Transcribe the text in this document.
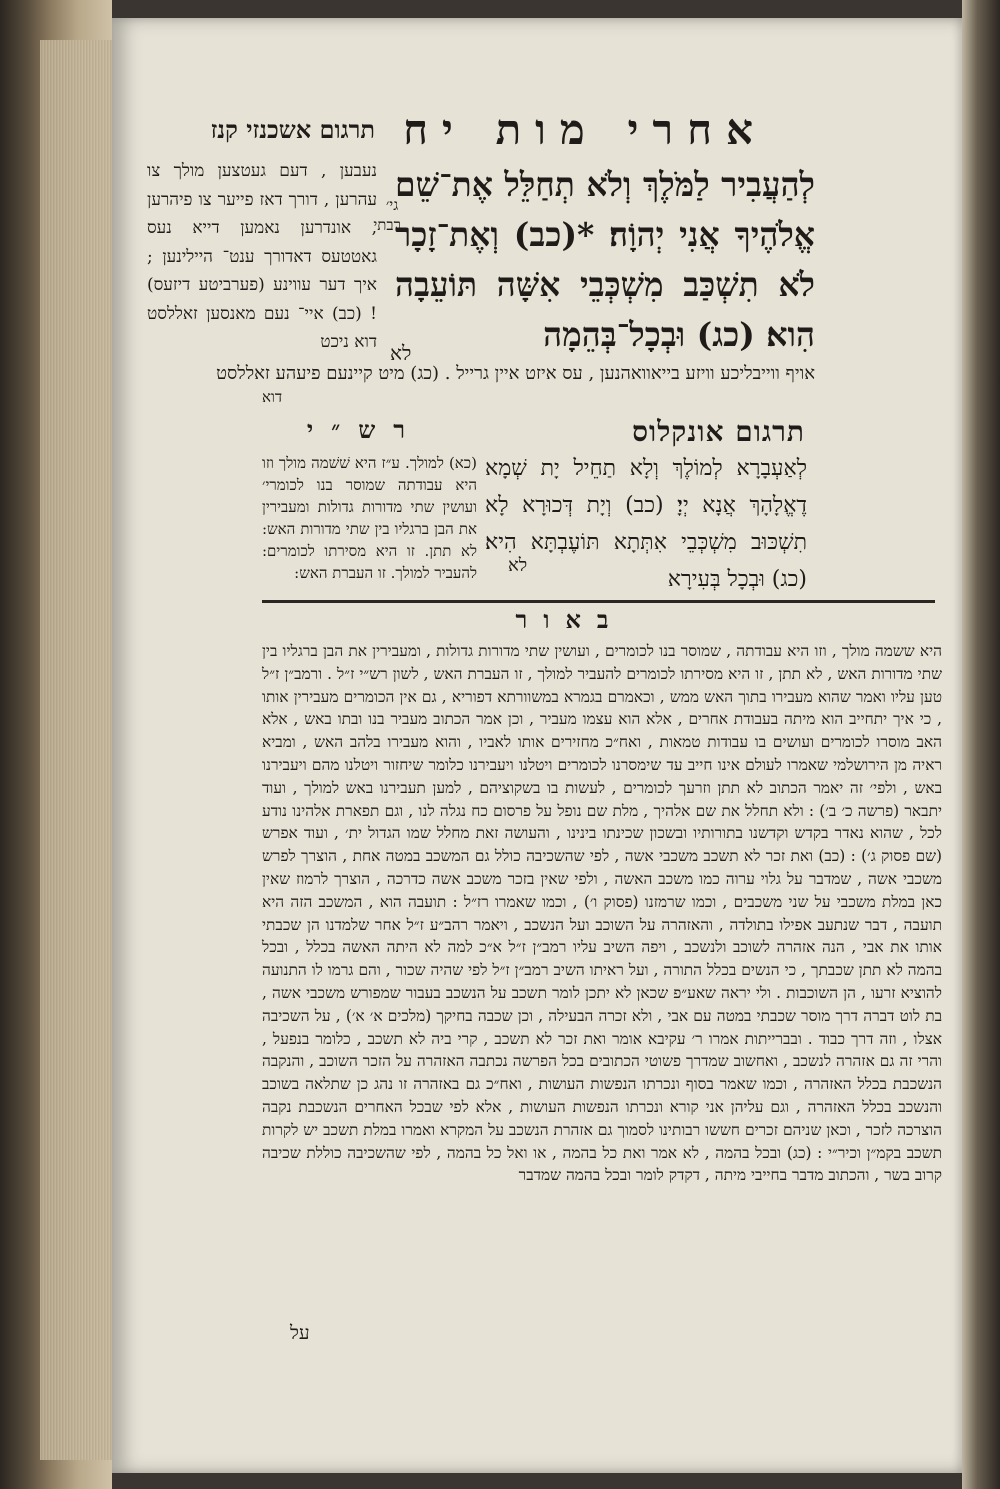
אחרי מות יח
תרגום אשכנזי קנז
לְהַעֲבִיר לַמֹּלֶךְ וְלֹא תְחַלֵּל אֶת־שֵׁם אֱלֹהֶיךָ אֲנִי יְהוָֹה׃ *(כב) וְאֶת־זָכָר לֹא תִשְׁכַּב מִשְׁכְּבֵי אִשָּׁה תּוֹעֵבָה הִוא׃ (כג) וּבְכָל־בְּהֵמָה
גי׳ רבתי
לא
נעבען , דעם געטצען מולך צו עהרען , דורך דאז פייער צו פיהרען , אונדרען נאמען דייא נעס גאטטעס דאדורך ענט־ היילינען ; איך דער עווינע (פערביטע דיזעס) ! (כב) איי־ נעם מאנסען זאללסט דוא ניכט
אויף ווייבליכע וויזע בייאוואהנען , עס איזט איין גרייל . (כג) מיט קיינעם פיעהע זאללסט
דוא
תרגום אונקלוס
לְאַעְבָרָא לְמוֹלֶךְ וְלָא תַחֵיל יָת שְׁמָא דֶאֱלָהָךְ אֲנָא יְיָ׃ (כב) וְיָת דְּכוּרָא לָא תִשְׁכּוּב מִשְׁכְּבֵי אִתְּתָא תּוֹעֶבְתָּא הִיא׃ (כג) וּבְכָל בְּעִירָא
לא
רש״י
(כא) למולך. ע״ז היא שׁשׁמה מולך וזו היא עבודתה שמוסר בנו לכומרי׳ ועושין שתי מדורות גדולות ומעבירין את הבן ברגליו בין שתי מדורות האש: לא תתן. זו היא מסירתו לכומרים: להעביר למולך. זו העברת האש:
באור
היא ששמה מולך , וזו היא עבודתה , שמוסר בנו לכומרים , ועושין שתי מדורות גדולות , ומעבירין את הבן ברגליו בין שתי מדורות האש , לא תתן , זו היא מסירתו לכומרים להעביר למולך , זו העברת האש , לשון רש״י ז״ל . ורמב״ן ז״ל טען עליו ואמר שהוא מעבירו בתוך האש ממש , וכאמרם בגמרא במשוורתא דפוריא , גם אין הכומרים מעבירין אותו , כי איך יתחייב הוא מיתה בעבודת אחרים , אלא הוא עצמו מעביר , וכן אמר הכתוב מעביר בנו ובתו באש , אלא האב מוסרו לכומרים ועושים בו עבודות טמאות , ואח״כ מחזירים אותו לאביו , והוא מעבירו בלהב האש , ומביא ראיה מן הירושלמי שאמרו לעולם אינו חייב עד שימסרנו לכומרים ויטלנו ויעבירנו כלומר שיחזור ויטלנו מהם ויעבירנו באש , ולפי׳ זה יאמר הכתוב לא תתן וזרעך לכומרים , לעשות בו בשקוציהם , למען תעבירנו באש למולך , ועוד יתבאר (פרשה כ׳ ב׳) : ולא תחלל את שם אלהיך , מלת שם נופל על פרסום כח נגלה לנו , וגם תפארת אלהינו נודע לכל , שהוא נאדר בקדש וקדשנו בתורותיו ובשכון שכינתו בינינו , והעושה זאת מחלל שמו הגדול ית׳ , ועוד אפרש (שם פסוק ג׳) : (כב) ואת זכר לא תשכב משכבי אשה , לפי שהשכיבה כולל גם המשכב במטה אחת , הוצרך לפרש משכבי אשה , שמדבר על גלוי ערוה כמו משכב האשה , ולפי שאין בזכר משכב אשה כדרכה , הוצרך לרמוז שאין כאן במלת משכבי על שני משכבים , וכמו שרמזנו (פסוק ו׳) , וכמו שאמרו רז״ל : תועבה הוא , המשכב הזה היא תועבה , דבר שנתעב אפילו בתולדה , והאזהרה על השוכב ועל הנשכב , ויאמר רהב״ע ז״ל אחר שלמדנו הן שכבתי אותו את אבי , הנה אזהרה לשוכב ולנשכב , ויפה השיב עליו רמב״ן ז״ל א״כ למה לא היתה האשה בכלל , ובכל בהמה לא תתן שכבתך , כי הנשים בכלל התורה , ועל ראיתו השיב רמב״ן ז״ל לפי שהיה שכור , והם גרמו לו התנועה להוציא זרעו , הן השוכבות . ולי יראה שאע״פ שכאן לא יתכן לומר תשכב על הנשכב בעבור שמפורש משכבי אשה , בת לוט דברה דרך מוסר שכבתי במטה עם אבי , ולא זכרה הבעילה , וכן שכבה בחיקך (מלכים א׳ א׳) , על השכיבה אצלו , וזה דרך כבוד . ובברייתות אמרו ר׳ עקיבא אומר ואת זכר לא תשכב , קרי ביה לא תשכב , כלומר בנפעל , והרי זה גם אזהרה לנשכב , ואחשוב שמדרך פשוטי הכתובים בכל הפרשה נכתבה האזהרה על הזכר השוכב , והנקבה הנשכבת בכלל האזהרה , וכמו שאמר בסוף ונכרתו הנפשות העושות , ואח״כ גם באזהרה זו נהג כן שתלאה בשוכב והנשכב בכלל האזהרה , וגם עליהן אני קורא ונכרתו הנפשות העושות , אלא לפי שבכל האחרים הנשכבת נקבה הוצרכה לזכר , וכאן שניהם זכרים חששו רבותינו לסמוך גם אזהרת הנשכב על המקרא ואמרו במלת תשכב יש לקרות תשכב בקמ״ן וכיר״י : (כג) ובכל בהמה , לא אמר ואת כל בהמה , או ואל כל בהמה , לפי שהשכיבה כוללת שכיבה קרוב בשר , והכתוב מדבר בחייבי מיתה , דקדק לומר ובכל בהמה שמדבר
על
